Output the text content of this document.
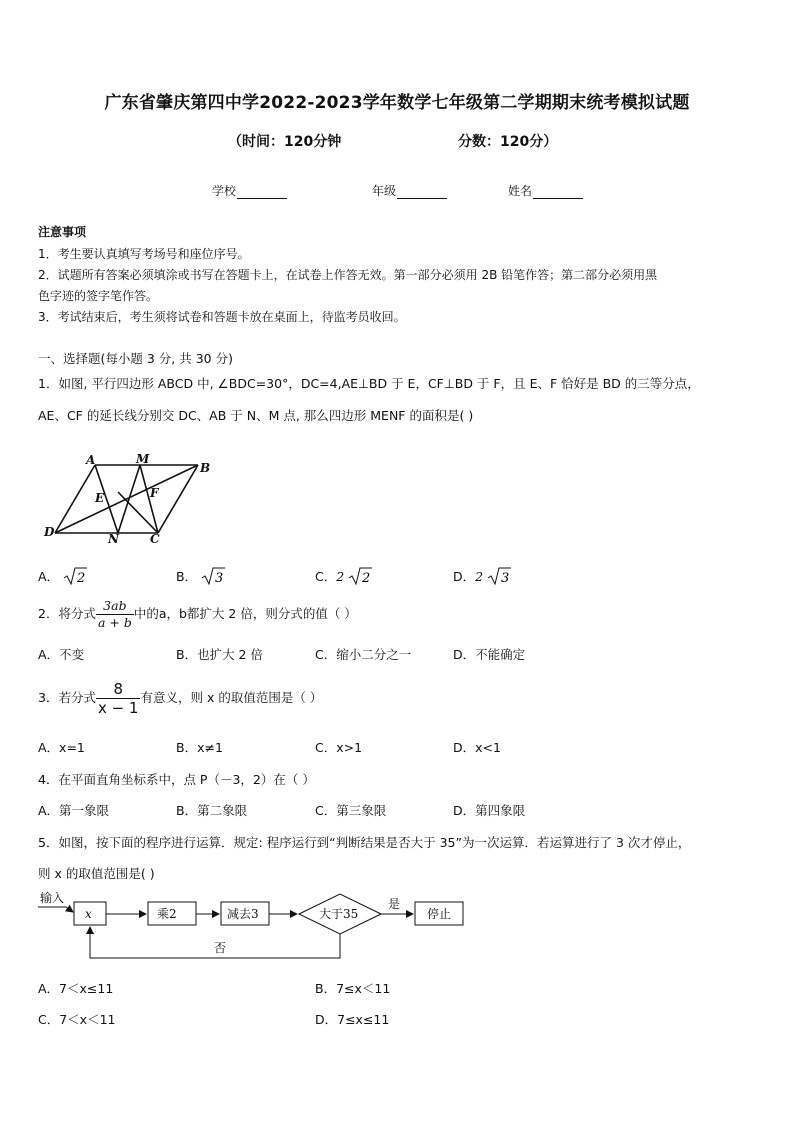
广东省肇庆第四中学2022-2023学年数学七年级第二学期期末统考模拟试题
（时间：120分钟	分数：120分）
学校	年级	姓名
注意事项
1．考生要认真填写考场号和座位序号。
2．试题所有答案必须填涂或书写在答题卡上，在试卷上作答无效。第一部分必须用 2B 铅笔作答；第二部分必须用黑
色字迹的签字笔作答。
3．考试结束后，考生须将试卷和答题卡放在桌面上，待监考员收回。
一、选择题(每小题 3 分, 共 30 分)
1．如图, 平行四边形 ABCD 中, ∠BDC=30°，DC=4,AE⊥BD 于 E，CF⊥BD 于 F，且 E、F 恰好是 BD 的三等分点，
AE、CF 的延长线分别交 DC、AB 于 N、M 点, 那么四边形 MENF 的面积是( )
A	M
B
E	F
D	N	C
A． 2	B． 3	C．2 2	D．2 3
2．将分式 $\frac{3ab}{a + b}$ 中的a，b都扩大 2 倍，则分式的值（ ）
A．不变	B．也扩大 2 倍	C．缩小二分之一	D．不能确定
3．若分式 $\frac{8}{x - 1}$ 有意义，则 x 的取值范围是（ ）
A．x=1	B．x≠1	C．x>1	D．x<1
4．在平面直角坐标系中，点 P（－3，2）在（ ）
A．第一象限	B．第二象限	C．第三象限	D．第四象限
5．如图，按下面的程序进行运算．规定: 程序运行到“判断结果是否大于 35”为一次运算．若运算进行了 3 次才停止，
则 x 的取值范围是( )
输入
x	乘2	减去3	大于35
是
停止
否
A．7＜x≤11	B．7≤x＜11
C．7＜x＜11	D．7≤x≤11
